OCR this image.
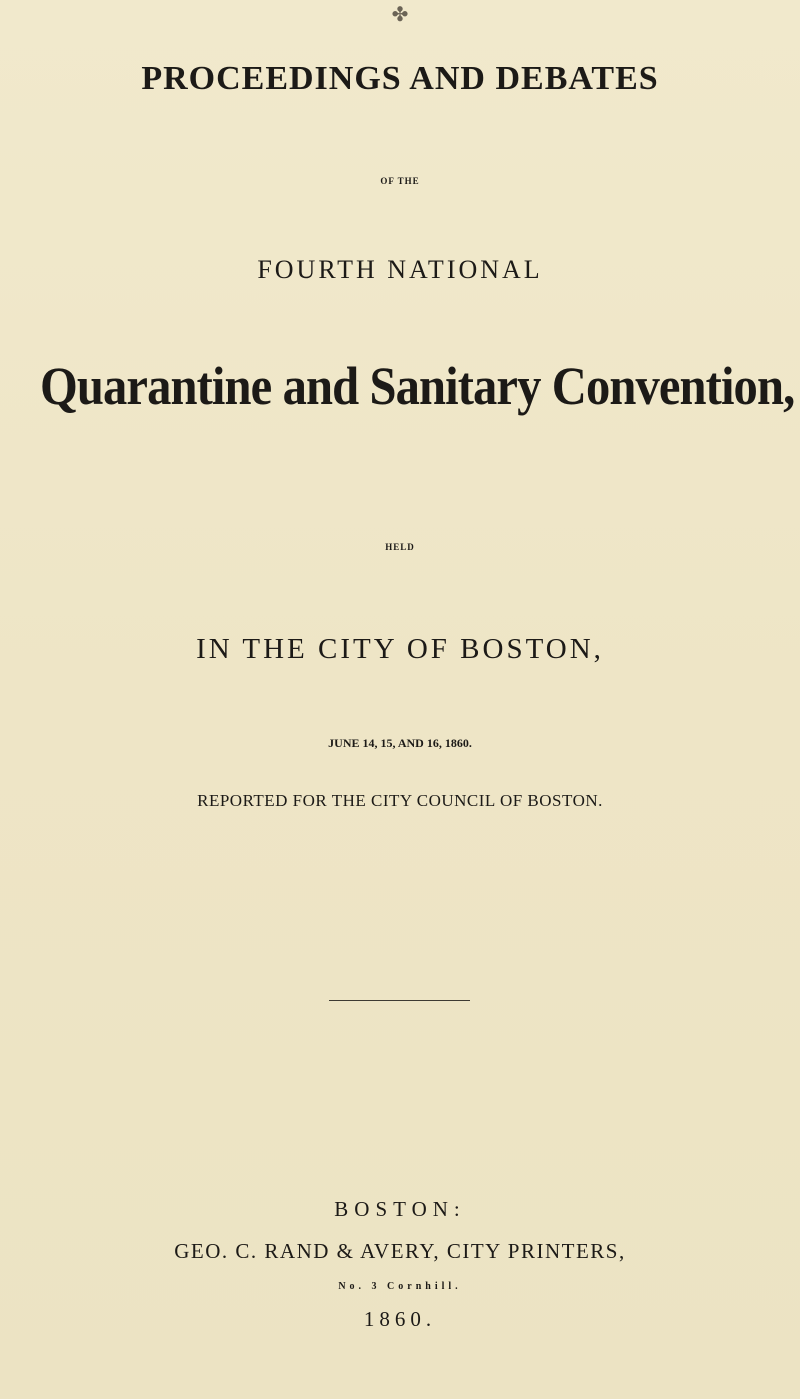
✤
PROCEEDINGS AND DEBATES
OF THE
FOURTH NATIONAL
Quarantine and Sanitary Convention,
HELD
IN THE CITY OF BOSTON,
JUNE 14, 15, AND 16, 1860.
REPORTED FOR THE CITY COUNCIL OF BOSTON.
BOSTON:
GEO. C. RAND & AVERY, CITY PRINTERS,
No. 3 Cornhill.
1860.
